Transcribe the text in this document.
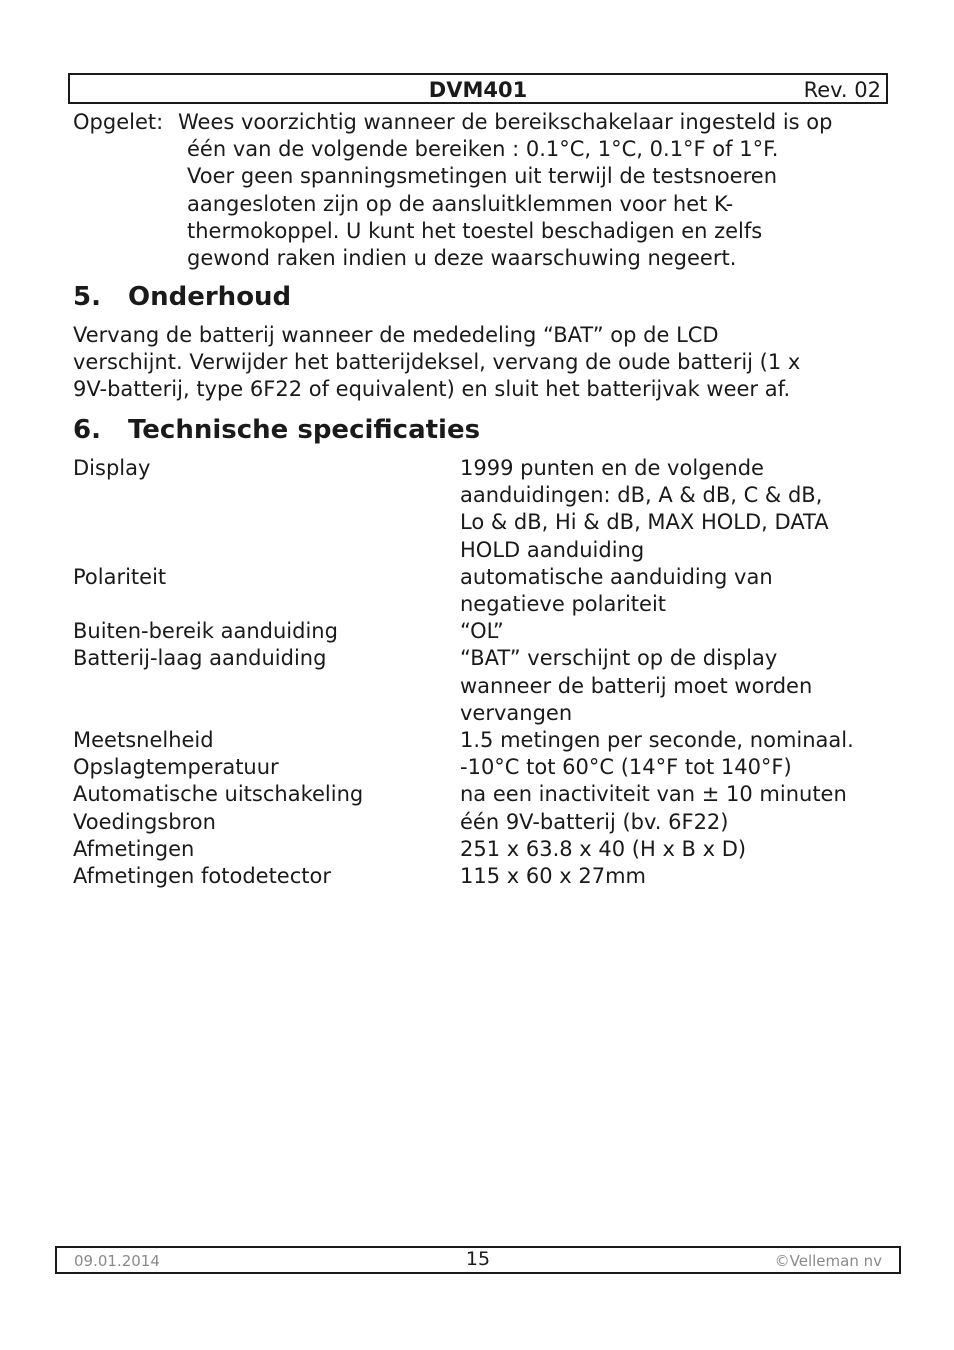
DVM401	Rev. 02
Opgelet: Wees voorzichtig wanneer de bereikschakelaar ingesteld is op
één van de volgende bereiken : 0.1°C, 1°C, 0.1°F of 1°F.
Voer geen spanningsmetingen uit terwijl de testsnoeren
aangesloten zijn op de aansluitklemmen voor het K-
thermokoppel. U kunt het toestel beschadigen en zelfs
gewond raken indien u deze waarschuwing negeert.
5. Onderhoud
Vervang de batterij wanneer de mededeling “BAT” op de LCD
verschijnt. Verwijder het batterijdeksel, vervang de oude batterij (1 x
9V-batterij, type 6F22 of equivalent) en sluit het batterijvak weer af.
6. Technische specificaties
Display	1999 punten en de volgende
aanduidingen: dB, A & dB, C & dB,
Lo & dB, Hi & dB, MAX HOLD, DATA
HOLD aanduiding
Polariteit	automatische aanduiding van
negatieve polariteit
Buiten-bereik aanduiding	“OL”
Batterij-laag aanduiding	“BAT” verschijnt op de display
wanneer de batterij moet worden
vervangen
Meetsnelheid	1.5 metingen per seconde, nominaal.
Opslagtemperatuur	-10°C tot 60°C (14°F tot 140°F)
Automatische uitschakeling	na een inactiviteit van ± 10 minuten
Voedingsbron	één 9V-batterij (bv. 6F22)
Afmetingen	251 x 63.8 x 40 (H x B x D)
Afmetingen fotodetector	115 x 60 x 27mm
09.01.2014	15	©Velleman nv
